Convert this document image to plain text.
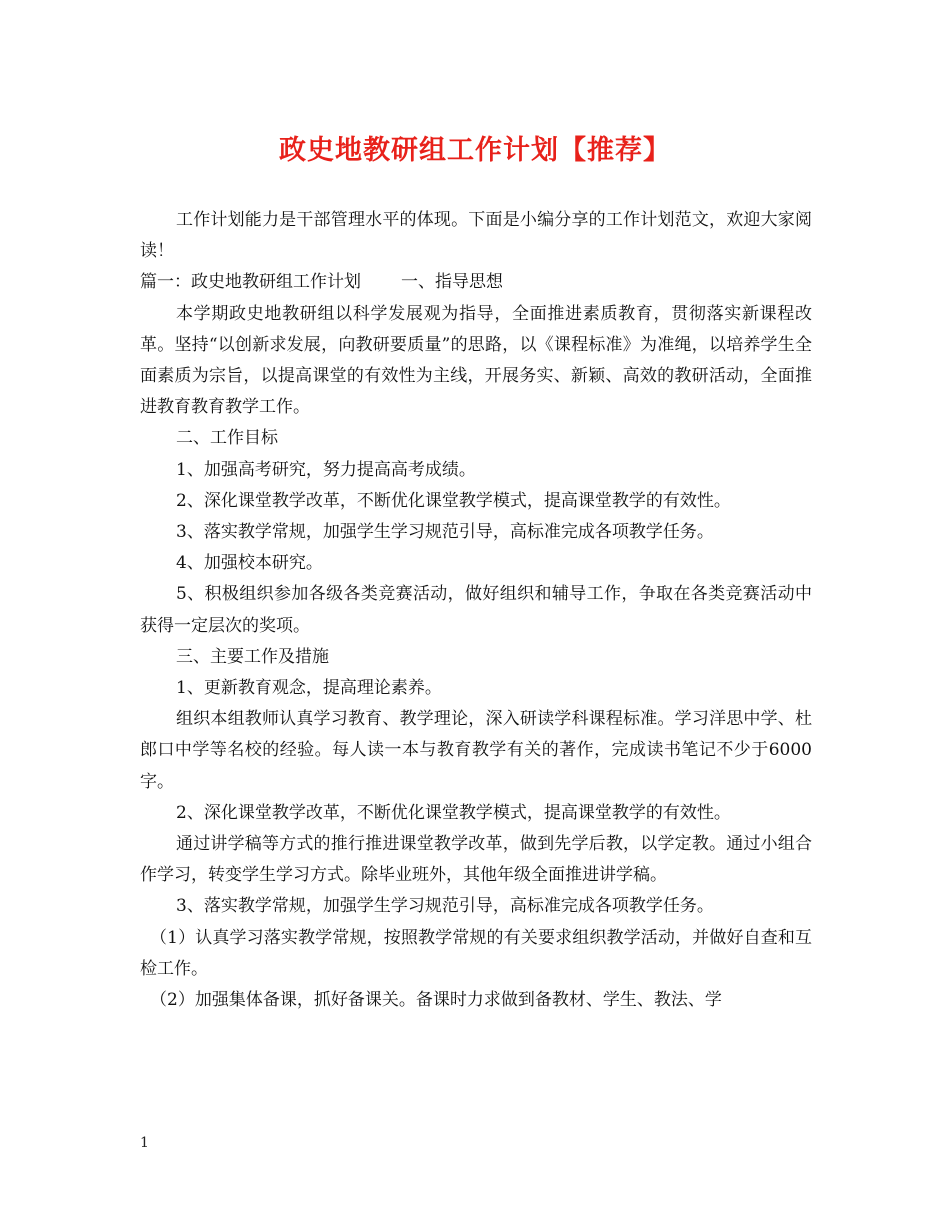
政史地教研组工作计划【推荐】

工作计划能力是干部管理水平的体现。下面是小编分享的工作计划范文，欢迎大家阅读！

篇一：政史地教研组工作计划 一、指导思想

本学期政史地教研组以科学发展观为指导，全面推进素质教育，贯彻落实新课程改革。坚持“以创新求发展，向教研要质量”的思路，以《课程标准》为准绳，以培养学生全面素质为宗旨，以提高课堂的有效性为主线，开展务实、新颖、高效的教研活动，全面推进教育教育教学工作。

二、工作目标

1、加强高考研究，努力提高高考成绩。

2、深化课堂教学改革，不断优化课堂教学模式，提高课堂教学的有效性。

3、落实教学常规，加强学生学习规范引导，高标准完成各项教学任务。

4、加强校本研究。

5、积极组织参加各级各类竞赛活动，做好组织和辅导工作，争取在各类竞赛活动中获得一定层次的奖项。

三、主要工作及措施

1、更新教育观念，提高理论素养。

组织本组教师认真学习教育、教学理论，深入研读学科课程标准。学习洋思中学、杜郎口中学等名校的经验。每人读一本与教育教学有关的著作，完成读书笔记不少于6000字。

2、深化课堂教学改革，不断优化课堂教学模式，提高课堂教学的有效性。

通过讲学稿等方式的推行推进课堂教学改革，做到先学后教，以学定教。通过小组合作学习，转变学生学习方式。除毕业班外，其他年级全面推进讲学稿。

3、落实教学常规，加强学生学习规范引导，高标准完成各项教学任务。

（1）认真学习落实教学常规，按照教学常规的有关要求组织教学活动，并做好自查和互检工作。

（2）加强集体备课，抓好备课关。备课时力求做到备教材、学生、教法、学

1
